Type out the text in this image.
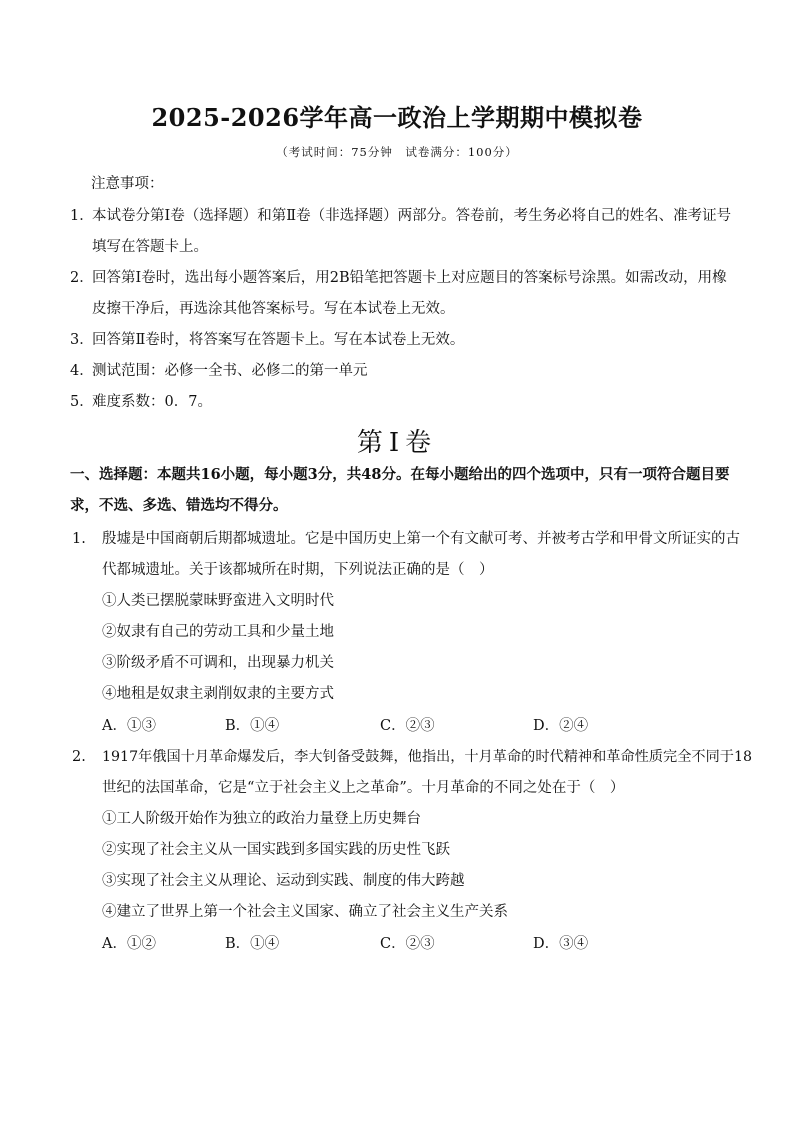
2025-2026学年高一政治上学期期中模拟卷
（考试时间：75分钟　试卷满分：100分）
注意事项：
1．
本试卷分第Ⅰ卷（选择题）和第Ⅱ卷（非选择题）两部分。答卷前，考生务必将自己的姓名、准考证号
填写在答题卡上。
2．
回答第Ⅰ卷时，选出每小题答案后，用2B铅笔把答题卡上对应题目的答案标号涂黑。如需改动，用橡
皮擦干净后，再选涂其他答案标号。写在本试卷上无效。
3．
回答第Ⅱ卷时，将答案写在答题卡上。写在本试卷上无效。
4．
测试范围：必修一全书、必修二的第一单元
5．
难度系数：0．7。
第Ⅰ卷
一、选择题：本题共16小题，每小题3分，共48分。在每小题给出的四个选项中，只有一项符合题目要
求，不选、多选、错选均不得分。
1. 殷墟是中国商朝后期都城遗址。它是中国历史上第一个有文献可考、并被考古学和甲骨文所证实的古
代都城遗址。关于该都城所在时期，下列说法正确的是（　）
①人类已摆脱蒙昧野蛮进入文明时代
②奴隶有自己的劳动工具和少量土地
③阶级矛盾不可调和，出现暴力机关
④地租是奴隶主剥削奴隶的主要方式
A．①③	B．①④	C．②③	D．②④
2. 1917年俄国十月革命爆发后，李大钊备受鼓舞，他指出，十月革命的时代精神和革命性质完全不同于18
世纪的法国革命，它是“立于社会主义上之革命”。十月革命的不同之处在于（　）
①工人阶级开始作为独立的政治力量登上历史舞台
②实现了社会主义从一国实践到多国实践的历史性飞跃
③实现了社会主义从理论、运动到实践、制度的伟大跨越
④建立了世界上第一个社会主义国家、确立了社会主义生产关系
A．①②	B．①④	C．②③	D．③④
